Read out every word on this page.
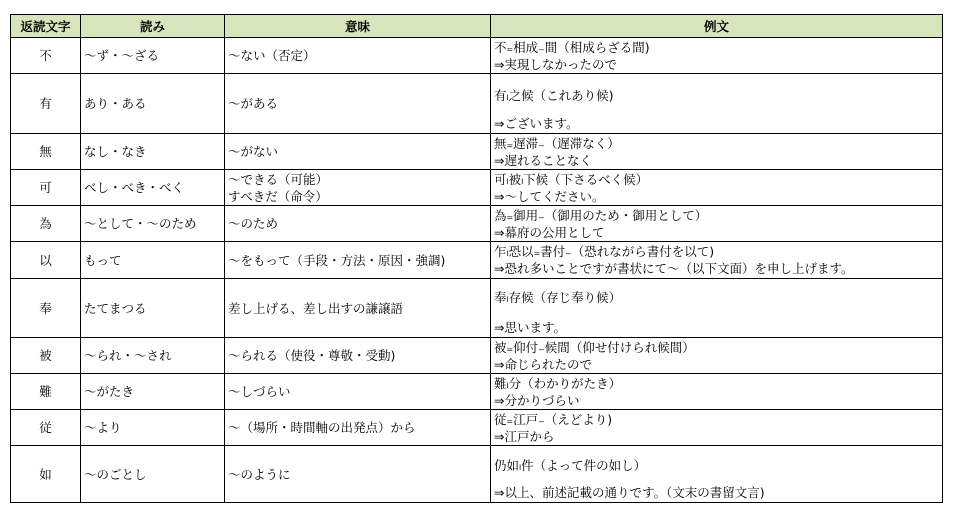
返読文字	読み	意味	例文
不	～ず・～ざる	～ない（否定）	不₌相成₋間（相成らざる間)
⇒実現しなかったので

有	あり・ある	～がある	有ₗ之候（これあり候)
⇒ございます。

無	なし・なき	～がない	無₌遅滞₋（遅滞なく）
⇒遅れることなく

可	べし・べき・べく	～できる（可能）
すべきだ（命令）	可ₗ被ₗ下候（下さるべく候）
⇒～してください。

為	～として・～のため	～のため	為₌御用₋（御用のため・御用として）
⇒幕府の公用として

以	もって	～をもって（手段・方法・原因・強調)	乍ₗ恐以₌書付₋（恐れながら書付を以て)
⇒恐れ多いことですが書状にて～（以下文面）を申し上げます。

奉	たてまつる	差し上げる、差し出すの謙譲語	奉ₗ存候（存じ奉り候）
⇒思います。

被	～られ・～され	～られる（使役・尊敬・受動)	被₌仰付₋候間（仰せ付けられ候間）
⇒命じられたので

難	～がたき	～しづらい	難ₗ分（わかりがたき）
⇒分かりづらい

従	～より	～（場所・時間軸の出発点）から	従₌江戸₋（えどより)
⇒江戸から

如	～のごとし	～のように	仍如ₗ件（よって件の如し）
⇒以上、前述記載の通りです。（文末の書留文言)
